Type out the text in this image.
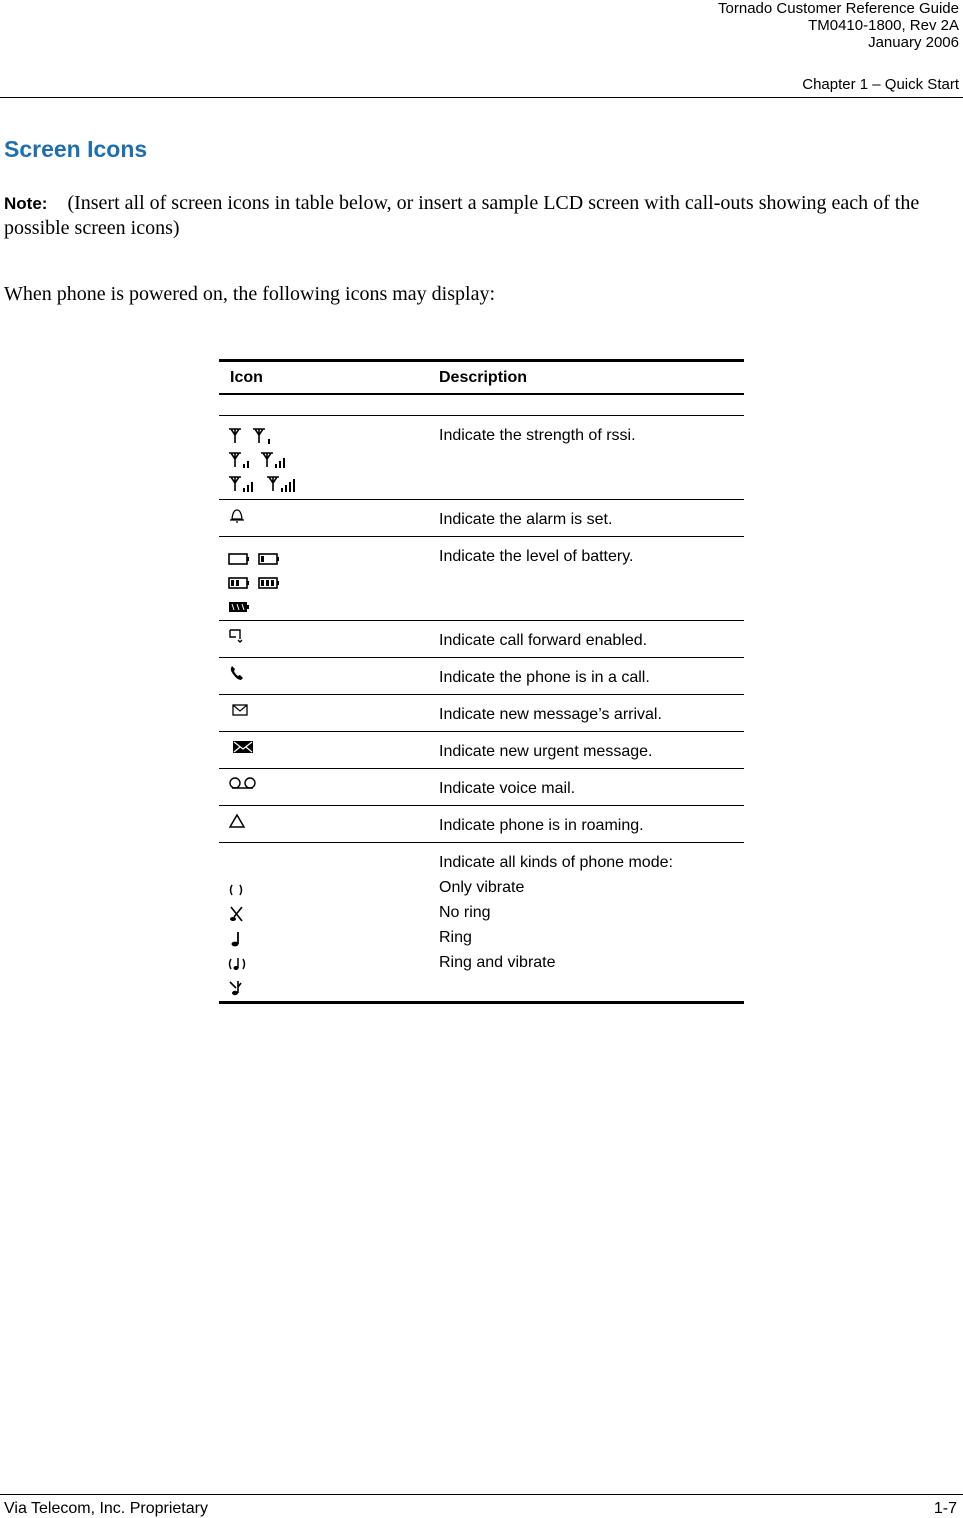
Tornado Customer Reference Guide
TM0410-1800, Rev 2A
January 2006
Chapter 1 – Quick Start
Screen Icons

Note: (Insert all of screen icons in table below, or insert a sample LCD screen with call-outs showing each of the possible screen icons)

When phone is powered on, the following icons may display:

Icon	Description

	Indicate the strength of rssi.

	Indicate the alarm is set.

	Indicate the level of battery.

	Indicate call forward enabled.

	Indicate the phone is in a call.

	Indicate new message’s arrival.

	Indicate new urgent message.

	Indicate voice mail.

	Indicate phone is in roaming.

Indicate all kinds of phone mode:
Only vibrate
No ring
Ring
Ring and vibrate
Via Telecom, Inc. Proprietary	1-7
